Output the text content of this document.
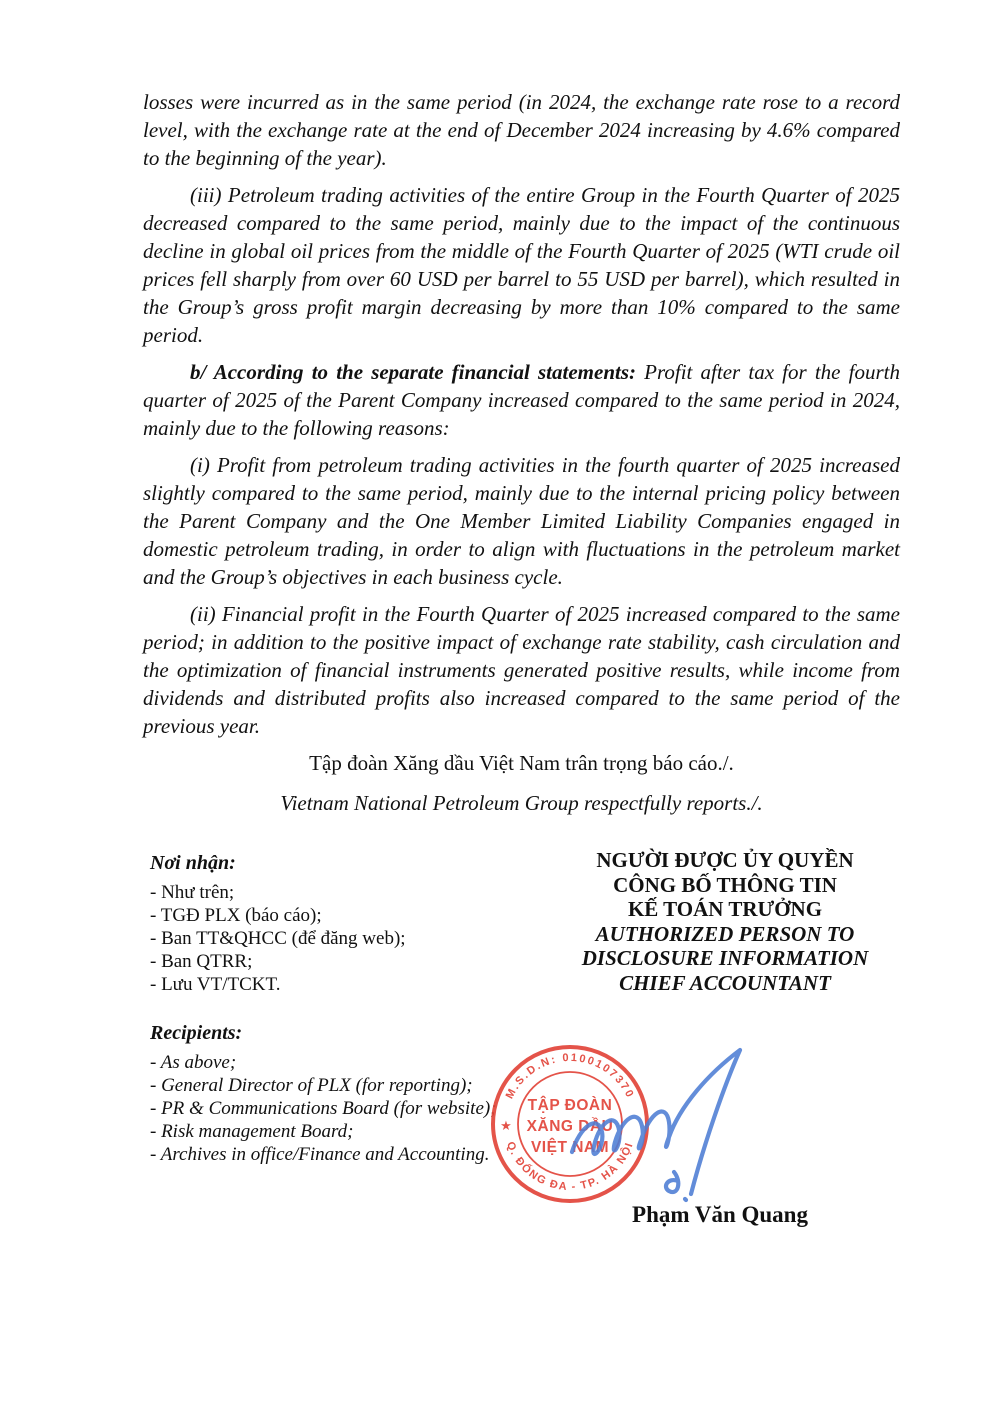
losses were incurred as in the same period (in 2024, the exchange rate rose to a record level, with the exchange rate at the end of December 2024 increasing by 4.6% compared to the beginning of the year).

(iii) Petroleum trading activities of the entire Group in the Fourth Quarter of 2025 decreased compared to the same period, mainly due to the impact of the continuous decline in global oil prices from the middle of the Fourth Quarter of 2025 (WTI crude oil prices fell sharply from over 60 USD per barrel to 55 USD per barrel), which resulted in the Group’s gross profit margin decreasing by more than 10% compared to the same period.

b/ According to the separate financial statements: Profit after tax for the fourth quarter of 2025 of the Parent Company increased compared to the same period in 2024, mainly due to the following reasons:

(i) Profit from petroleum trading activities in the fourth quarter of 2025 increased slightly compared to the same period, mainly due to the internal pricing policy between the Parent Company and the One Member Limited Liability Companies engaged in domestic petroleum trading, in order to align with fluctuations in the petroleum market and the Group’s objectives in each business cycle.

(ii) Financial profit in the Fourth Quarter of 2025 increased compared to the same period; in addition to the positive impact of exchange rate stability, cash circulation and the optimization of financial instruments generated positive results, while income from dividends and distributed profits also increased compared to the same period of the previous year.

Tập đoàn Xăng dầu Việt Nam trân trọng báo cáo./.

Vietnam National Petroleum Group respectfully reports./.

Nơi nhận:
- Như trên;
- TGĐ PLX (báo cáo);
- Ban TT&QHCC (để đăng web);
- Ban QTRR;
- Lưu VT/TCKT.
Recipients:
- As above;
- General Director of PLX (for reporting);
- PR & Communications Board (for website);
- Risk management Board;
- Archives in office/Finance and Accounting.
NGƯỜI ĐƯỢC ỦY QUYỀN
CÔNG BỐ THÔNG TIN
KẾ TOÁN TRƯỞNG
AUTHORIZED PERSON TO
DISCLOSURE INFORMATION
CHIEF ACCOUNTANT
M.S.D.N: 0100107370
Q. ĐỐNG ĐA - TP. HÀ NỘI
★
TẬP ĐOÀN
XĂNG DẦU
VIỆT NAM
Phạm Văn Quang
